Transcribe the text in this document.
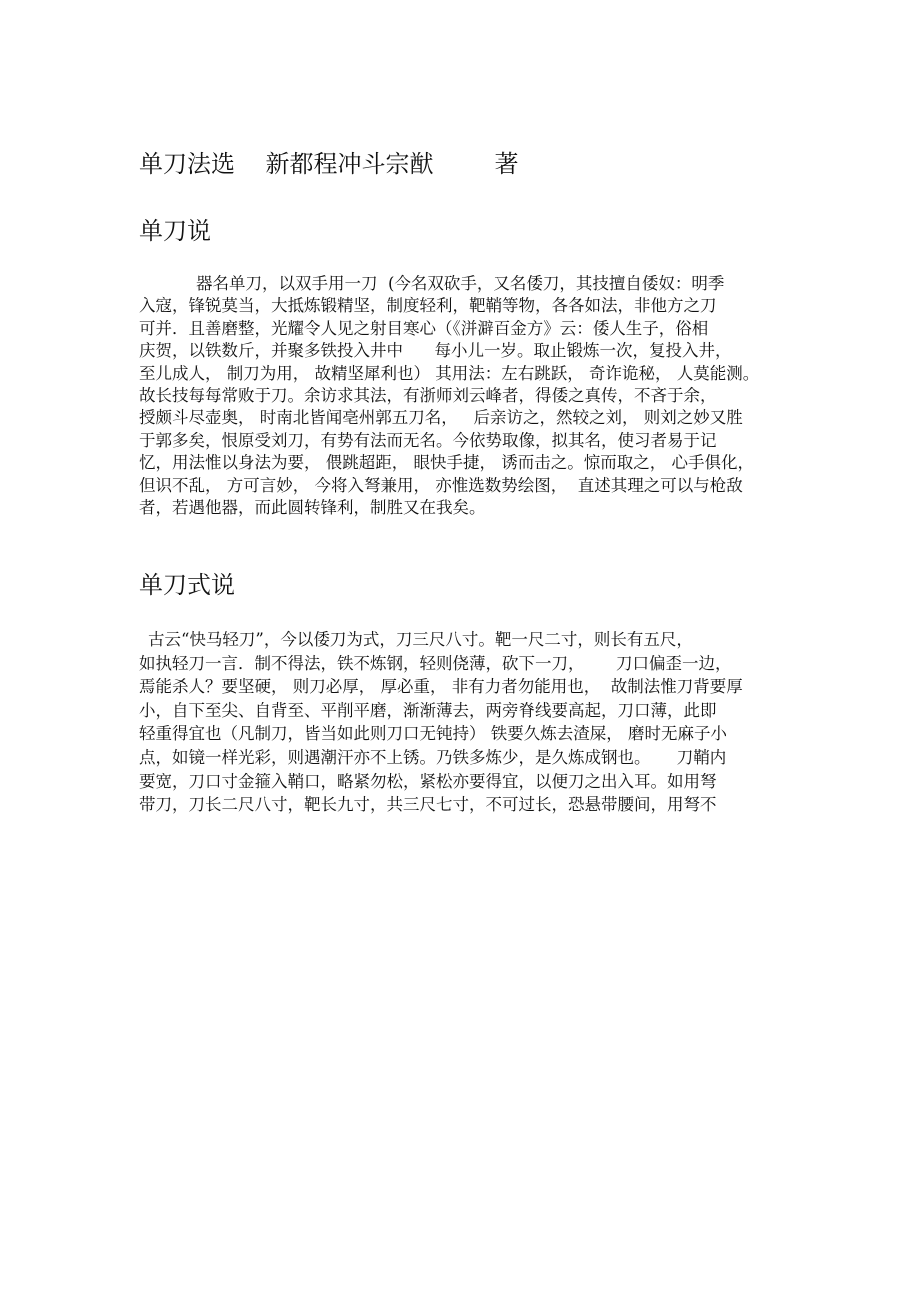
单刀法选    新都程冲斗宗猷        著
单刀说
器名单刀，以双手用一刀  (今名双砍手，又名倭刀，其技擅自倭奴：明季
入寇，锋锐莫当，大抵炼锻精坚，制度轻利，靶鞘等物，各各如法，非他方之刀
可并．且善磨整，光耀令人见之射目寒心（《洴澼百金方》云：倭人生子，俗相
庆贺，以铁数斤，并聚多铁投入井中      每小儿一岁。取止锻炼一次，复投入井，
至儿成人， 制刀为用， 故精坚犀利也） 其用法：左右跳跃， 奇诈诡秘， 人莫能测。
故长技每每常败于刀。余访求其法，有浙师刘云峰者，得倭之真传，不吝于余，
授颇斗尽壶奥， 时南北皆闻亳州郭五刀名，   后亲访之，然较之刘， 则刘之妙又胜
于郭多矣，恨原受刘刀，有势有法而无名。今依势取像，拟其名，使习者易于记
忆，用法惟以身法为要， 偎跳超距， 眼快手捷， 诱而击之。惊而取之， 心手俱化，
但识不乱， 方可言妙， 今将入弩兼用， 亦惟选数势绘图，  直述其理之可以与枪敌
者，若遇他器，而此圆转锋利，制胜又在我矣。
单刀式说
古云“快马轻刀”，今以倭刀为式，刀三尺八寸。靶一尺二寸，则长有五尺，
如执轻刀一言．制不得法，铁不炼钢，轻则侥薄，砍下一刀，      刀口偏歪一边，
焉能杀人？要坚硬， 则刀必厚， 厚必重， 非有力者勿能用也，  故制法惟刀背要厚
小，自下至尖、自背至、平削平磨，渐渐薄去，两旁脊线要高起，刀口薄，此即
轻重得宜也（凡制刀，皆当如此则刀口无钝持） 铁要久炼去渣屎， 磨时无麻子小
点，如镜一样光彩，则遇潮汗亦不上锈。乃铁多炼少，是久炼成钢也。     刀鞘内
要宽，刀口寸金箍入鞘口，略紧勿松，紧松亦要得宜，以便刀之出入耳。如用弩
带刀，刀长二尺八寸，靶长九寸，共三尺七寸，不可过长，恐悬带腰间，用弩不
